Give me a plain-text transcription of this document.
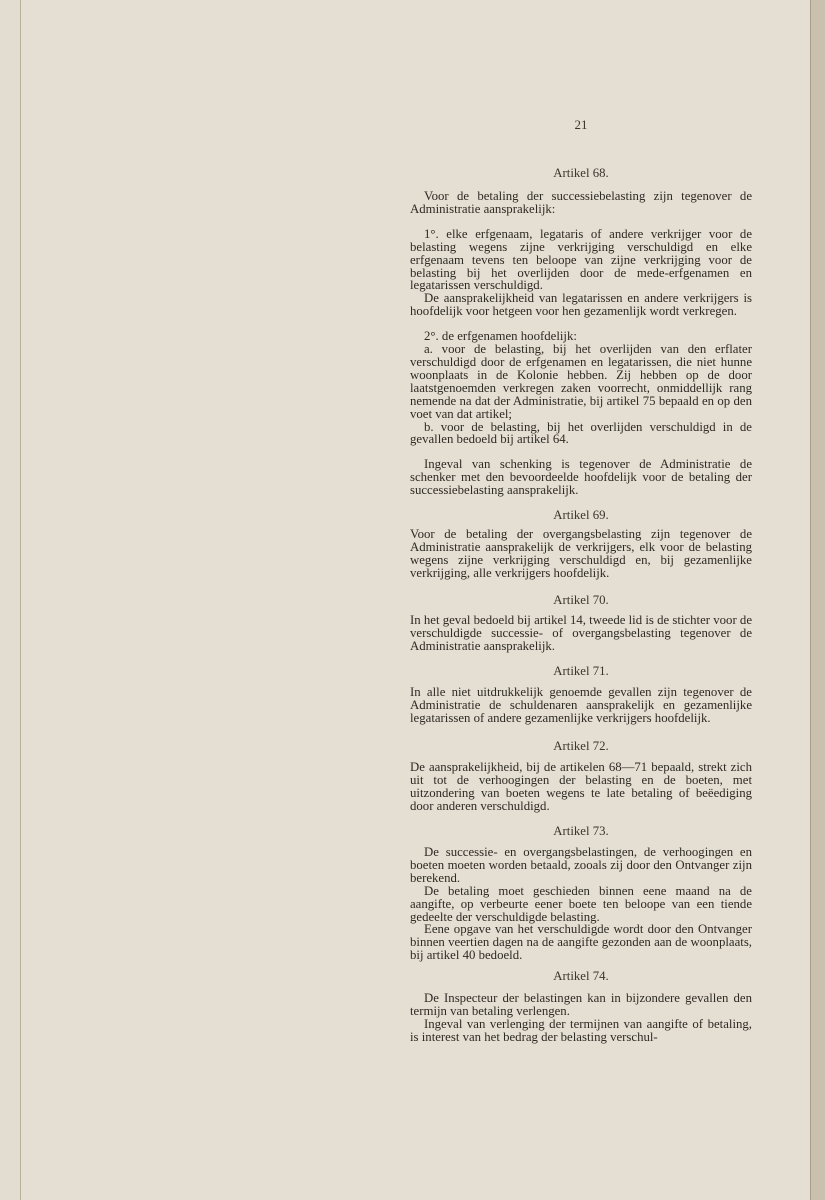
21
Artikel 68.

Voor de betaling der successiebelasting zijn tegenover de Administratie aansprakelijk:

1°. elke erfgenaam, legataris of andere verkrijger voor de belasting wegens zijne verkrijging verschuldigd en elke erfgenaam tevens ten beloope van zijne verkrijging voor de belasting bij het overlijden door de mede-erfgenamen en legatarissen verschuldigd.

De aansprakelijkheid van legatarissen en andere verkrijgers is hoofdelijk voor hetgeen voor hen gezamenlijk wordt verkregen.

2°. de erfgenamen hoofdelijk:

a. voor de belasting, bij het overlijden van den erflater verschuldigd door de erfgenamen en legatarissen, die niet hunne woonplaats in de Kolonie hebben. Zij hebben op de door laatstgenoemden verkregen zaken voorrecht, onmiddellijk rang nemende na dat der Administratie, bij artikel 75 bepaald en op den voet van dat artikel;

b. voor de belasting, bij het overlijden verschuldigd in de gevallen bedoeld bij artikel 64.

Ingeval van schenking is tegenover de Administratie de schenker met den bevoordeelde hoofdelijk voor de betaling der successiebelasting aansprakelijk.

Artikel 69.
Voor de betaling der overgangsbelasting zijn tegenover de Administratie aansprakelijk de verkrijgers, elk voor de belasting wegens zijne verkrijging verschuldigd en, bij gezamenlijke verkrijging, alle verkrijgers hoofdelijk.
Artikel 70.
In het geval bedoeld bij artikel 14, tweede lid is de stichter voor de verschuldigde successie- of overgangsbelasting tegenover de Administratie aansprakelijk.
Artikel 71.
In alle niet uitdrukkelijk genoemde gevallen zijn tegenover de Administratie de schuldenaren aansprakelijk en gezamenlijke legatarissen of andere gezamenlijke verkrijgers hoofdelijk.
Artikel 72.
De aansprakelijkheid, bij de artikelen 68—71 bepaald, strekt zich uit tot de verhoogingen der belasting en de boeten, met uitzondering van boeten wegens te late betaling of beëediging door anderen verschuldigd.
Artikel 73.

De successie- en overgangsbelastingen, de verhoogingen en boeten moeten worden betaald, zooals zij door den Ontvanger zijn berekend.

De betaling moet geschieden binnen eene maand na de aangifte, op verbeurte eener boete ten beloope van een tiende gedeelte der verschuldigde belasting.

Eene opgave van het verschuldigde wordt door den Ontvanger binnen veertien dagen na de aangifte gezonden aan de woonplaats, bij artikel 40 bedoeld.

Artikel 74.

De Inspecteur der belastingen kan in bijzondere gevallen den termijn van betaling verlengen.

Ingeval van verlenging der termijnen van aangifte of betaling, is interest van het bedrag der belasting verschul-
